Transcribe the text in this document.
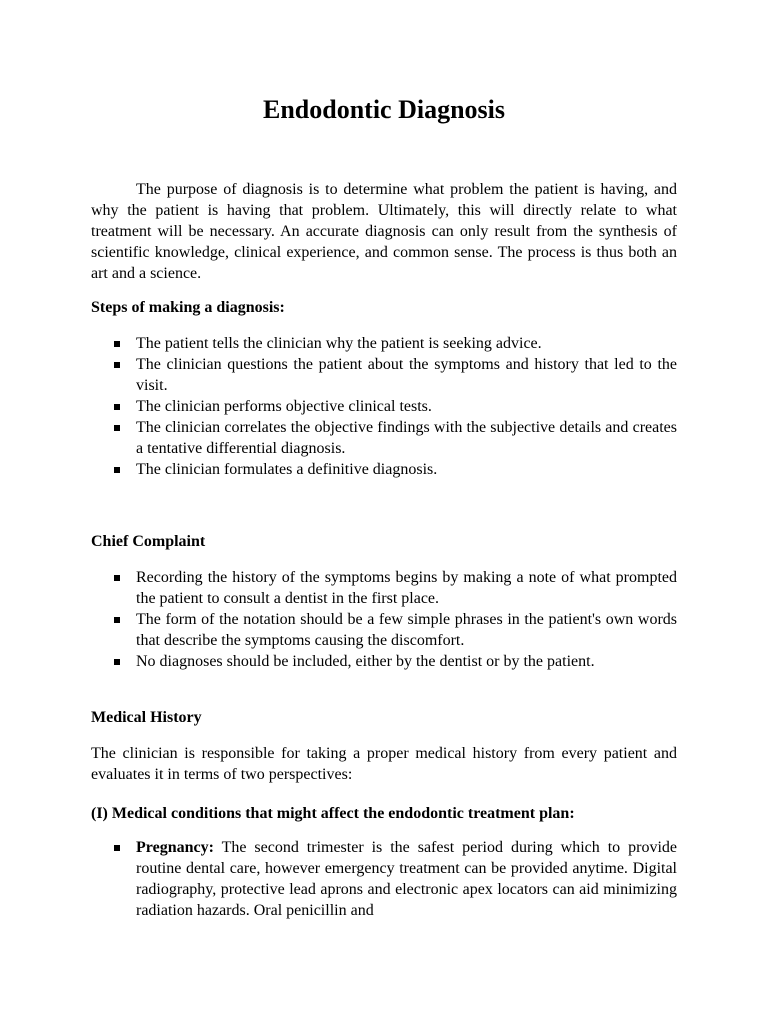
Endodontic Diagnosis

The purpose of diagnosis is to determine what problem the patient is having, and why the patient is having that problem. Ultimately, this will directly relate to what treatment will be necessary. An accurate diagnosis can only result from the synthesis of scientific knowledge, clinical experience, and common sense. The process is thus both an art and a science.

Steps of making a diagnosis:
The patient tells the clinician why the patient is seeking advice.
The clinician questions the patient about the symptoms and history that led to the visit.
The clinician performs objective clinical tests.
The clinician correlates the objective findings with the subjective details and creates a tentative differential diagnosis.
The clinician formulates a definitive diagnosis.
Chief Complaint
Recording the history of the symptoms begins by making a note of what prompted the patient to consult a dentist in the first place.
The form of the notation should be a few simple phrases in the patient's own words that describe the symptoms causing the discomfort.
No diagnoses should be included, either by the dentist or by the patient.
Medical History

The clinician is responsible for taking a proper medical history from every patient and evaluates it in terms of two perspectives:

(I) Medical conditions that might affect the endodontic treatment plan:
Pregnancy: The second trimester is the safest period during which to provide routine dental care, however emergency treatment can be provided anytime. Digital radiography, protective lead aprons and electronic apex locators can aid minimizing radiation hazards. Oral penicillin and
